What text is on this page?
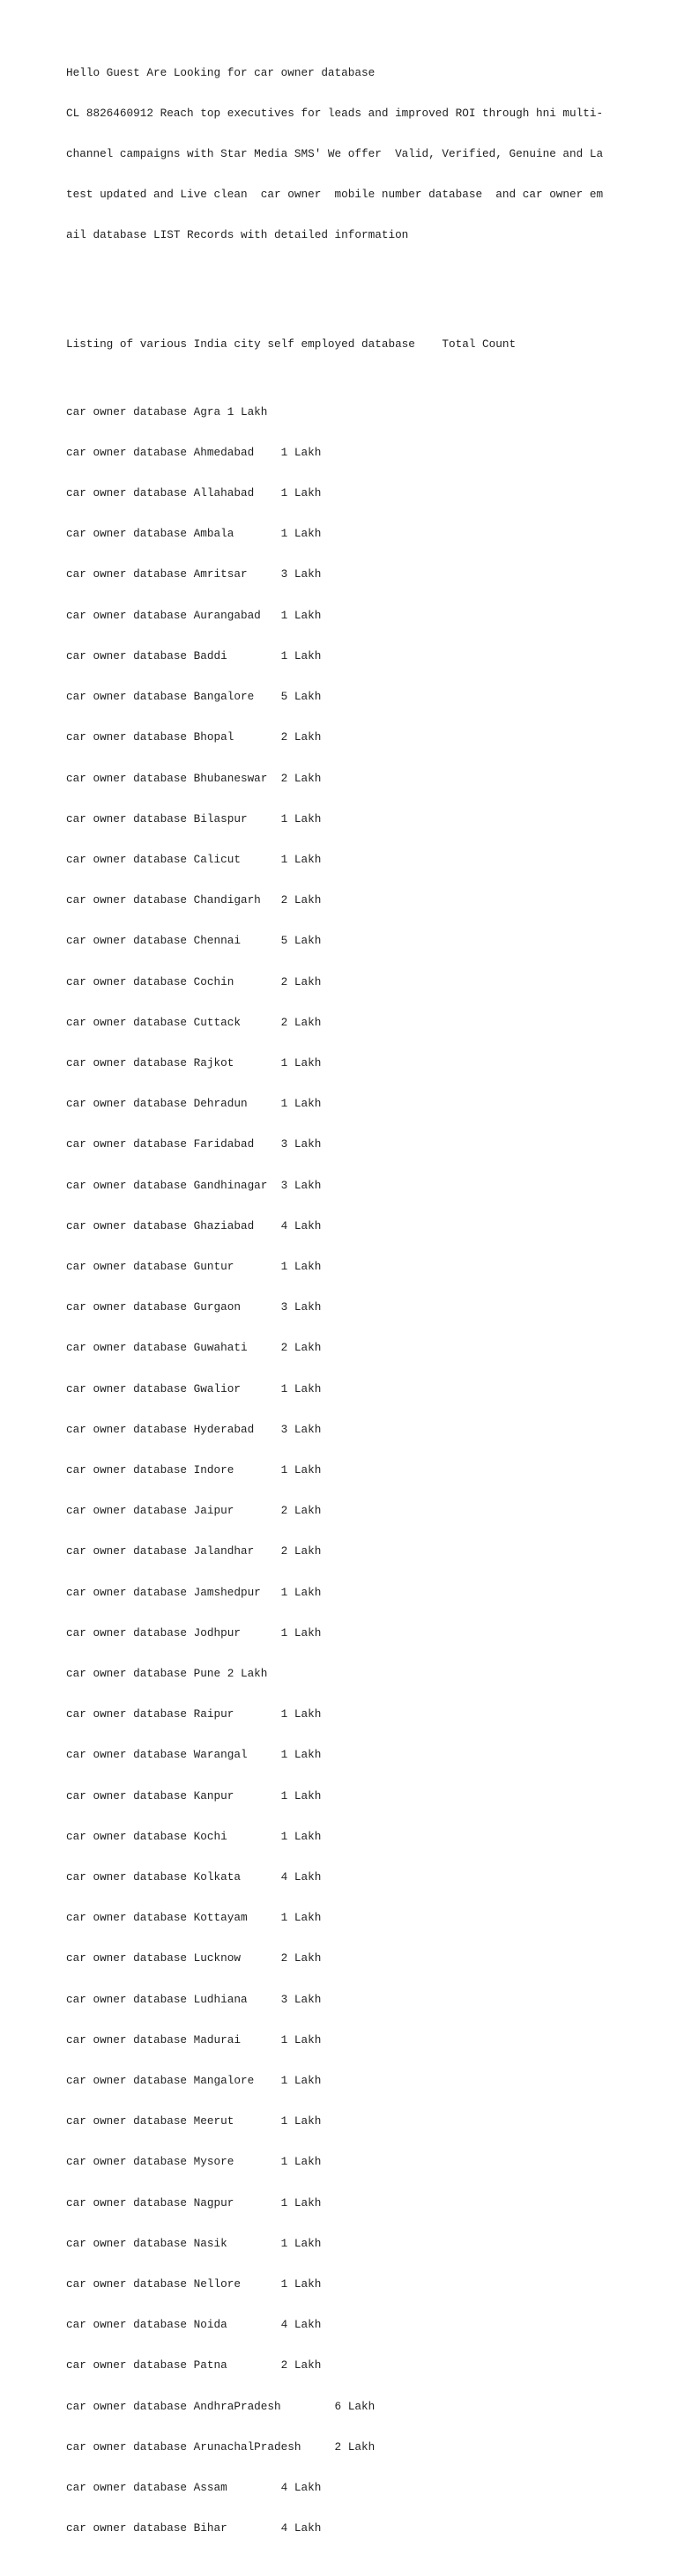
Hello Guest Are Looking for car owner database

CL 8826460912 Reach top executives for leads and improved ROI through hni multi-

channel campaigns with Star Media SMS' We offer  Valid, Verified, Genuine and La

test updated and Live clean  car owner  mobile number database  and car owner em

ail database LIST Records with detailed information

Listing of various India city self employed database    Total Count

car owner database Agra 1 Lakh

car owner database Ahmedabad    1 Lakh

car owner database Allahabad    1 Lakh

car owner database Ambala       1 Lakh

car owner database Amritsar     3 Lakh

car owner database Aurangabad   1 Lakh

car owner database Baddi        1 Lakh

car owner database Bangalore    5 Lakh

car owner database Bhopal       2 Lakh

car owner database Bhubaneswar  2 Lakh

car owner database Bilaspur     1 Lakh

car owner database Calicut      1 Lakh

car owner database Chandigarh   2 Lakh

car owner database Chennai      5 Lakh

car owner database Cochin       2 Lakh

car owner database Cuttack      2 Lakh

car owner database Rajkot       1 Lakh

car owner database Dehradun     1 Lakh

car owner database Faridabad    3 Lakh

car owner database Gandhinagar  3 Lakh

car owner database Ghaziabad    4 Lakh

car owner database Guntur       1 Lakh

car owner database Gurgaon      3 Lakh

car owner database Guwahati     2 Lakh

car owner database Gwalior      1 Lakh

car owner database Hyderabad    3 Lakh

car owner database Indore       1 Lakh

car owner database Jaipur       2 Lakh

car owner database Jalandhar    2 Lakh

car owner database Jamshedpur   1 Lakh

car owner database Jodhpur      1 Lakh

car owner database Pune 2 Lakh

car owner database Raipur       1 Lakh

car owner database Warangal     1 Lakh

car owner database Kanpur       1 Lakh

car owner database Kochi        1 Lakh

car owner database Kolkata      4 Lakh

car owner database Kottayam     1 Lakh

car owner database Lucknow      2 Lakh

car owner database Ludhiana     3 Lakh

car owner database Madurai      1 Lakh

car owner database Mangalore    1 Lakh

car owner database Meerut       1 Lakh

car owner database Mysore       1 Lakh

car owner database Nagpur       1 Lakh

car owner database Nasik        1 Lakh

car owner database Nellore      1 Lakh

car owner database Noida        4 Lakh

car owner database Patna        2 Lakh

car owner database AndhraPradesh        6 Lakh

car owner database ArunachalPradesh     2 Lakh

car owner database Assam        4 Lakh

car owner database Bihar        4 Lakh
